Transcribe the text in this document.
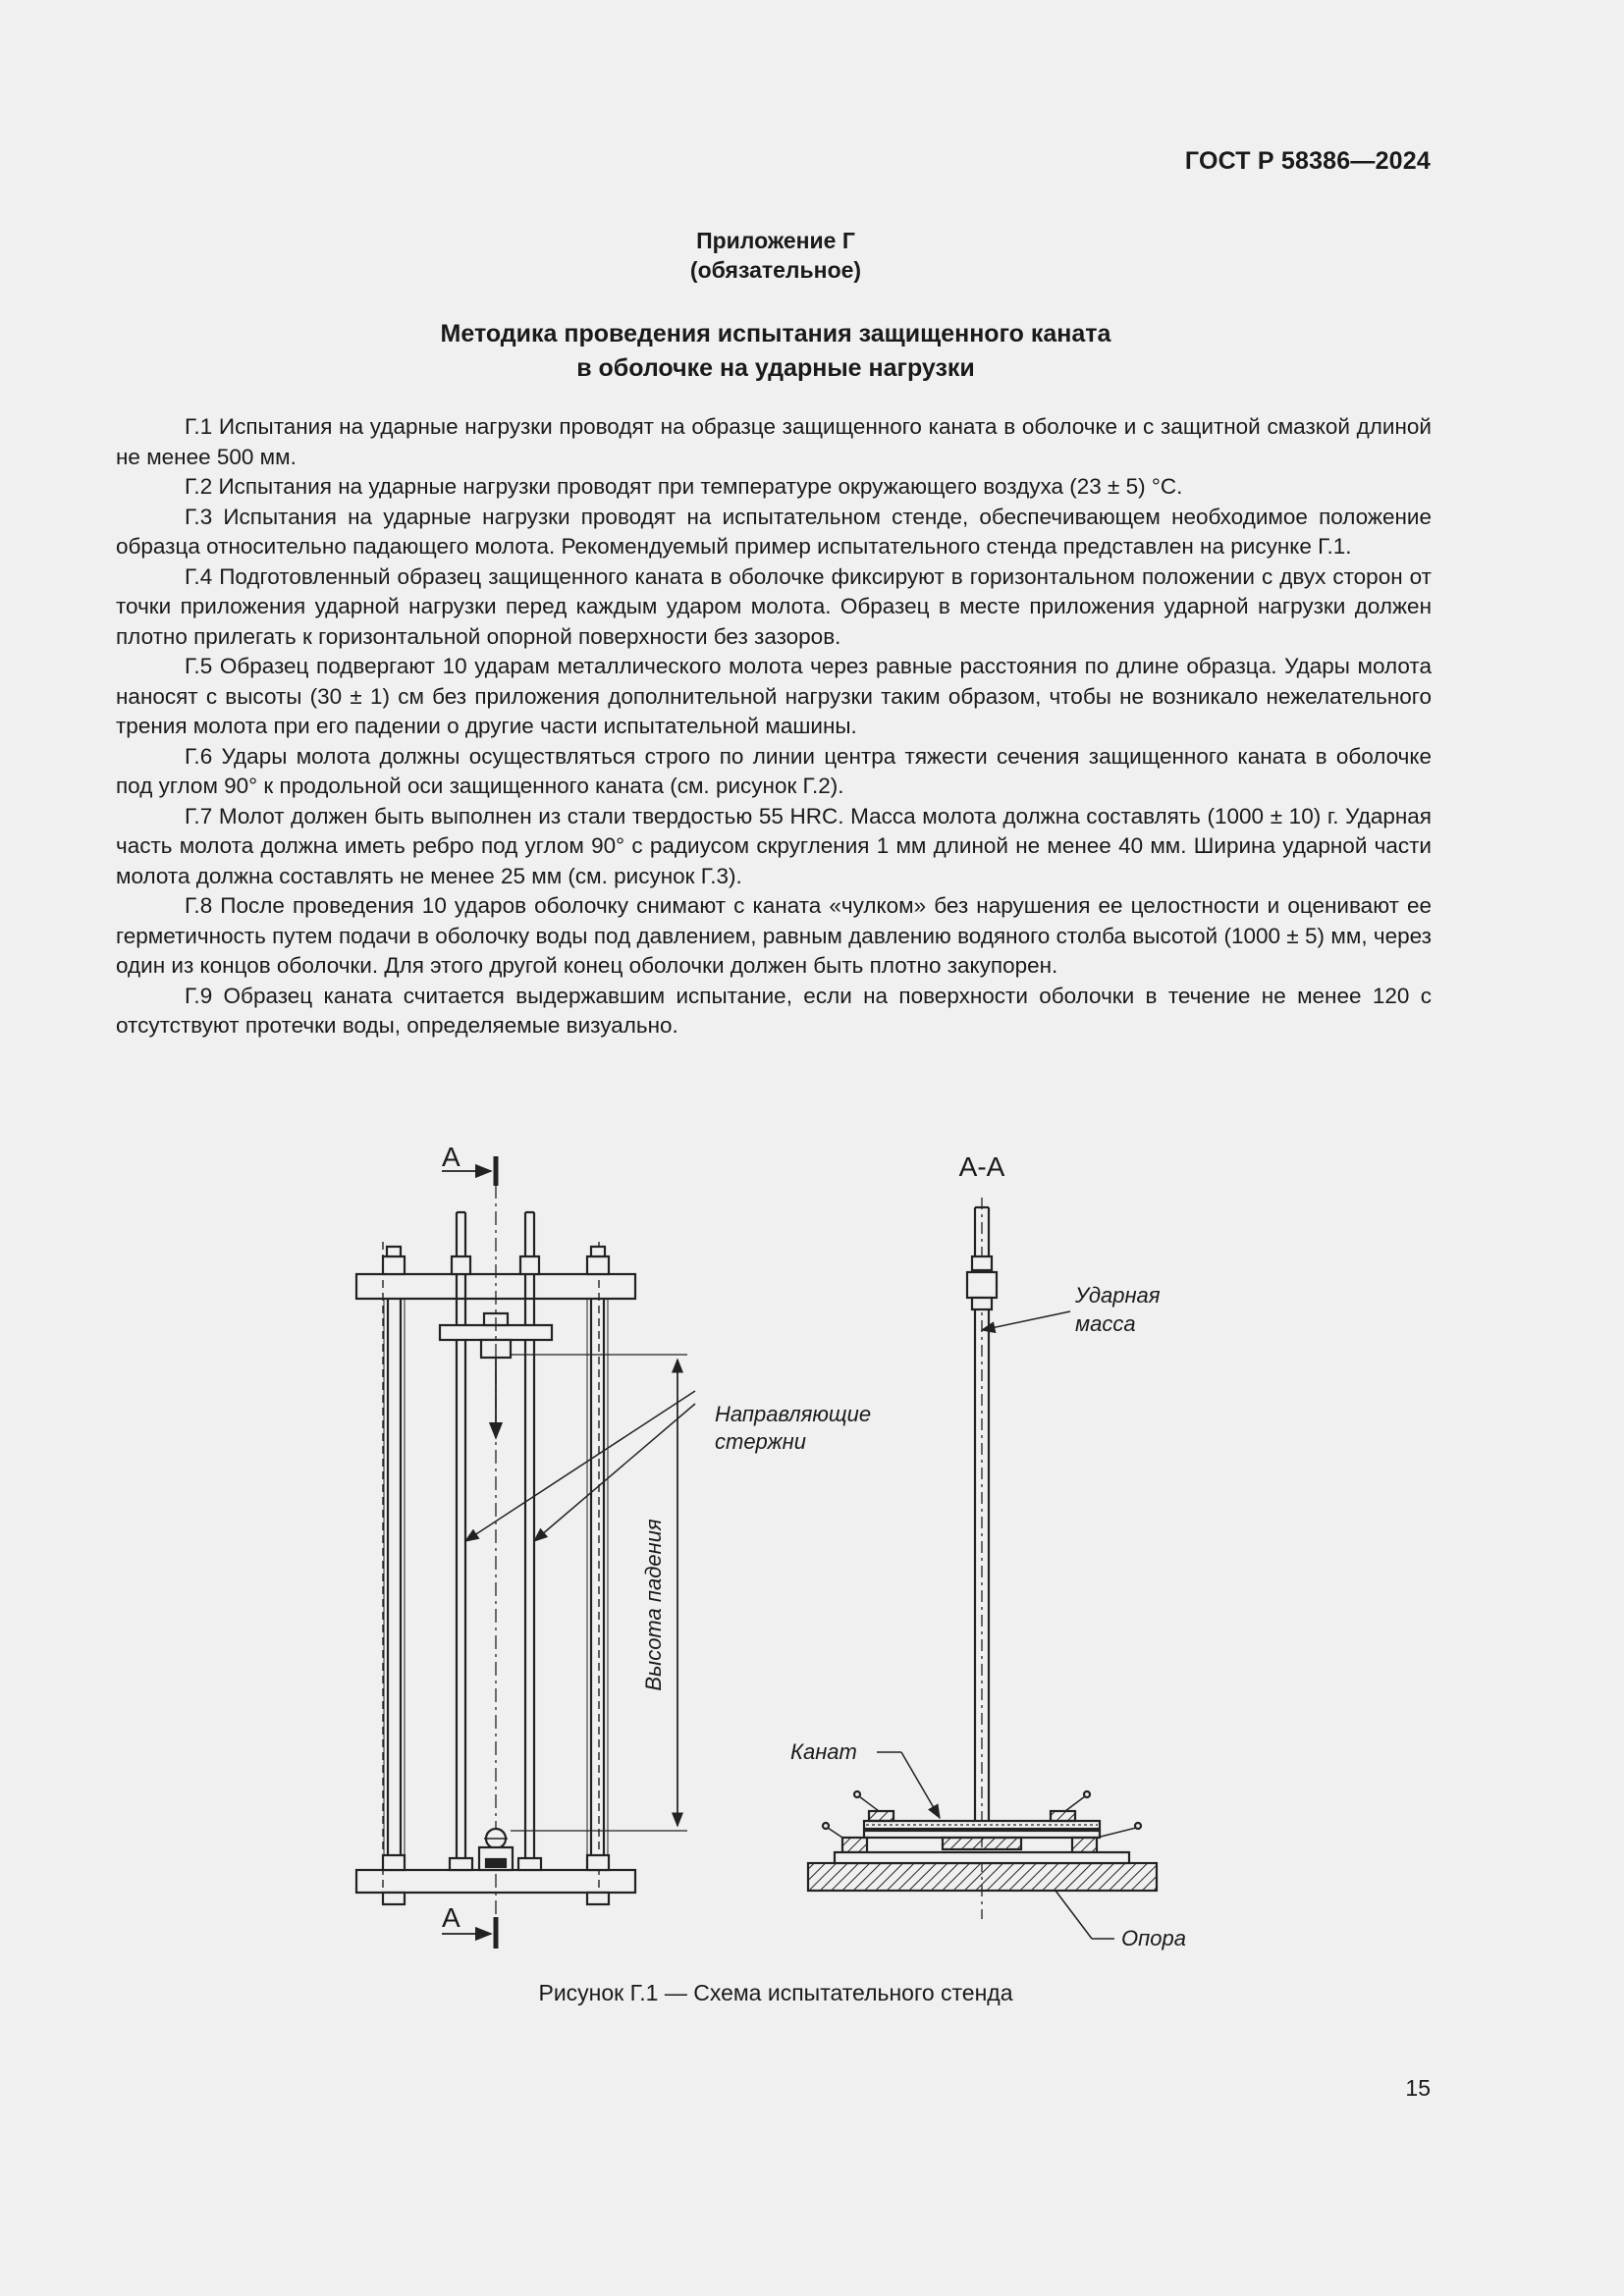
ГОСТ Р 58386—2024
Приложение Г
(обязательное)
Методика проведения испытания защищенного каната
в оболочке на ударные нагрузки

Г.1 Испытания на ударные нагрузки проводят на образце защищенного каната в оболочке и с защитной смазкой длиной не менее 500 мм.

Г.2 Испытания на ударные нагрузки проводят при температуре окружающего воздуха (23 ± 5) °С.

Г.3 Испытания на ударные нагрузки проводят на испытательном стенде, обеспечивающем необходимое положение образца относительно падающего молота. Рекомендуемый пример испытательного стенда представлен на рисунке Г.1.

Г.4 Подготовленный образец защищенного каната в оболочке фиксируют в горизонтальном положении с двух сторон от точки приложения ударной нагрузки перед каждым ударом молота. Образец в месте приложения ударной нагрузки должен плотно прилегать к горизонтальной опорной поверхности без зазоров.

Г.5 Образец подвергают 10 ударам металлического молота через равные расстояния по длине образца. Удары молота наносят с высоты (30 ± 1) см без приложения дополнительной нагрузки таким образом, чтобы не возникало нежелательного трения молота при его падении о другие части испытательной машины.

Г.6 Удары молота должны осуществляться строго по линии центра тяжести сечения защищенного каната в оболочке под углом 90° к продольной оси защищенного каната (см. рисунок Г.2).

Г.7 Молот должен быть выполнен из стали твердостью 55 HRC. Масса молота должна составлять (1000 ± 10) г. Ударная часть молота должна иметь ребро под углом 90° с радиусом скругления 1 мм длиной не менее 40 мм. Ширина ударной части молота должна составлять не менее 25 мм (см. рисунок Г.3).

Г.8 После проведения 10 ударов оболочку снимают с каната «чулком» без нарушения ее целостности и оценивают ее герметичность путем подачи в оболочку воды под давлением, равным давлению водяного столба высотой (1000 ± 5) мм, через один из концов оболочки. Для этого другой конец оболочки должен быть плотно закупорен.

Г.9 Образец каната считается выдержавшим испытание, если на поверхности оболочки в течение не менее 120 с отсутствуют протечки воды, определяемые визуально.

А
А
Направляющие
стержни
Высота падения
А-А
Ударная
масса
Канат
Опора
Рисунок Г.1 — Схема испытательного стенда
15
